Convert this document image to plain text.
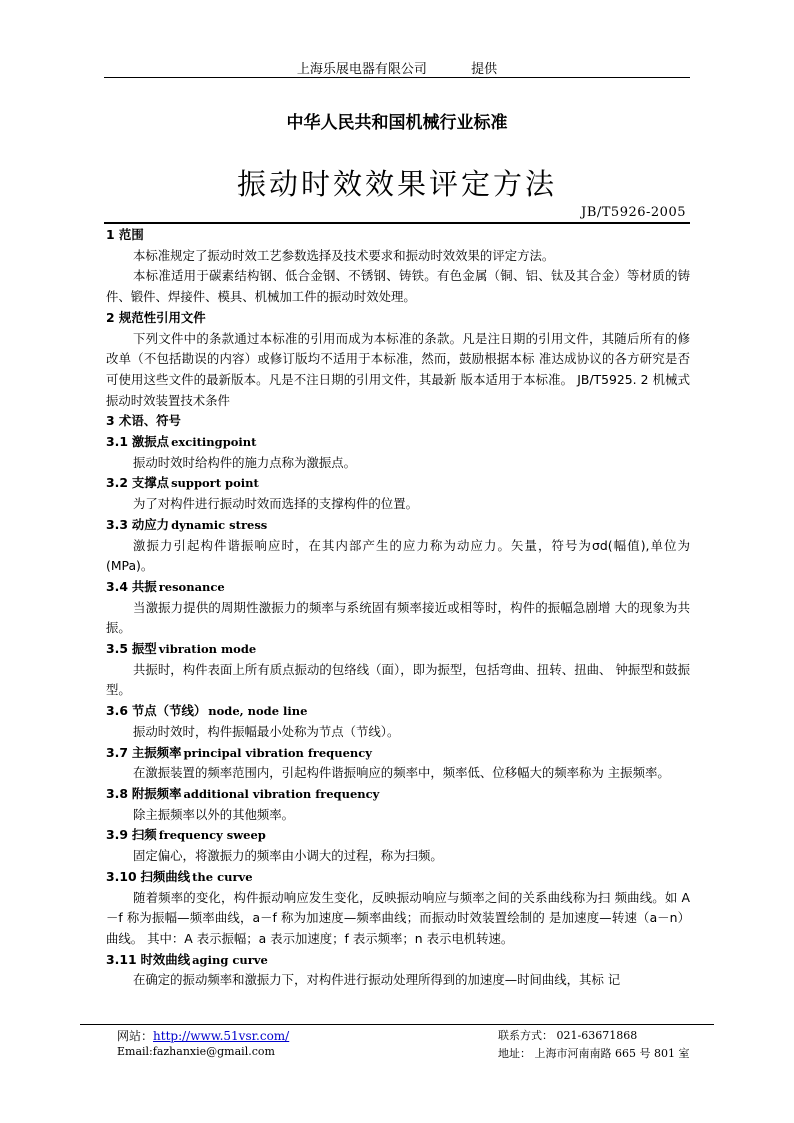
上海乐展电器有限公司	提供
中华人民共和国机械行业标准
振动时效效果评定方法
JB/T5926-2005

1 范围

本标准规定了振动时效工艺参数选择及技术要求和振动时效效果的评定方法。

本标准适用于碳素结构钢、低合金钢、不锈钢、铸铁。有色金属（铜、铝、钛及其合金）等材质的铸件、锻件、焊接件、模具、机械加工件的振动时效处理。

2 规范性引用文件

下列文件中的条款通过本标准的引用而成为本标准的条款。凡是注日期的引用文件，其随后所有的修改单（不包括勘误的内容）或修订版均不适用于本标准，然而，鼓励根据本标 准达成协议的各方研究是否可使用这些文件的最新版本。凡是不注日期的引用文件，其最新 版本适用于本标准。 JB/T5925. 2 机械式振动时效装置技术条件

3 术语、符号

3.1 激振点 excitingpoint

振动时效时给构件的施力点称为激振点。

3.2 支撑点 support point

为了对构件进行振动时效而选择的支撑构件的位置。

3.3 动应力 dynamic stress

激振力引起构件谐振响应时，在其内部产生的应力称为动应力。矢量，符号为σd(幅值),单位为(MPa)。

3.4 共振 resonance

当激振力提供的周期性激振力的频率与系统固有频率接近或相等时，构件的振幅急剧增 大的现象为共振。

3.5 振型 vibration mode

共振时，构件表面上所有质点振动的包络线（面），即为振型，包括弯曲、扭转、扭曲、 钟振型和鼓振型。

3.6 节点（节线） node, node line

振动时效时，构件振幅最小处称为节点（节线）。

3.7 主振频率 principal vibration frequency

在激振装置的频率范围内，引起构件谐振响应的频率中，频率低、位移幅大的频率称为 主振频率。

3.8 附振频率 additional vibration frequency

除主振频率以外的其他频率。

3.9 扫频 frequency sweep

固定偏心，将激振力的频率由小调大的过程，称为扫频。

3.10 扫频曲线 the curve

随着频率的变化，构件振动响应发生变化，反映振动响应与频率之间的关系曲线称为扫 频曲线。如 A－f 称为振幅—频率曲线，a－f 称为加速度—频率曲线；而振动时效装置绘制的 是加速度—转速（a－n）曲线。 其中：A 表示振幅；a 表示加速度；f 表示频率；n 表示电机转速。

3.11 时效曲线 aging curve

在确定的振动频率和激振力下，对构件进行振动处理所得到的加速度—时间曲线，其标 记

网站：http://www.51vsr.com/
Email:fazhanxie@gmail.com
联系方式： 021-63671868
地址： 上海市河南南路 665 号 801 室
